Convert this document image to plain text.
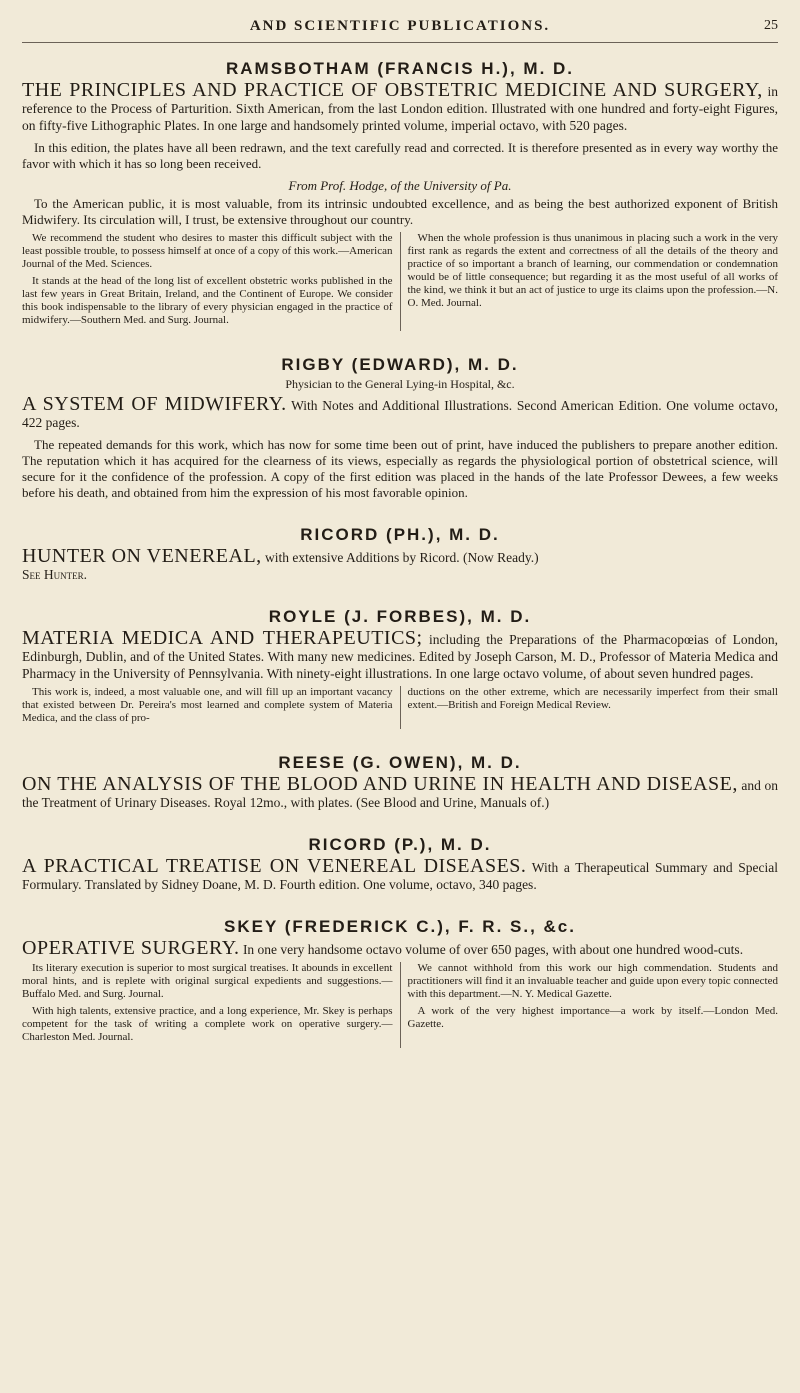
AND SCIENTIFIC PUBLICATIONS.	25
RAMSBOTHAM (FRANCIS H.), M. D.

THE PRINCIPLES AND PRACTICE OF OBSTETRIC MEDICINE AND SURGERY, in reference to the Process of Parturition. Sixth American, from the last London edition. Illustrated with one hundred and forty-eight Figures, on fifty-five Lithographic Plates. In one large and handsomely printed volume, imperial octavo, with 520 pages.

In this edition, the plates have all been redrawn, and the text carefully read and corrected. It is therefore presented as in every way worthy the favor with which it has so long been received.

From Prof. Hodge, of the University of Pa.

To the American public, it is most valuable, from its intrinsic undoubted excellence, and as being the best authorized exponent of British Midwifery. Its circulation will, I trust, be extensive throughout our country.

We recommend the student who desires to master this difficult subject with the least possible trouble, to possess himself at once of a copy of this work.—American Journal of the Med. Sciences.

It stands at the head of the long list of excellent obstetric works published in the last few years in Great Britain, Ireland, and the Continent of Europe. We consider this book indispensable to the library of every physician engaged in the practice of midwifery.—Southern Med. and Surg. Journal.

When the whole profession is thus unanimous in placing such a work in the very first rank as regards the extent and correctness of all the details of the theory and practice of so important a branch of learning, our commendation or condemnation would be of little consequence; but regarding it as the most useful of all works of the kind, we think it but an act of justice to urge its claims upon the profession.—N. O. Med. Journal.

RIGBY (EDWARD), M. D.
Physician to the General Lying-in Hospital, &c.

A SYSTEM OF MIDWIFERY. With Notes and Additional Illustrations. Second American Edition. One volume octavo, 422 pages.

The repeated demands for this work, which has now for some time been out of print, have induced the publishers to prepare another edition. The reputation which it has acquired for the clearness of its views, especially as regards the physiological portion of obstetrical science, will secure for it the confidence of the profession. A copy of the first edition was placed in the hands of the late Professor Dewees, a few weeks before his death, and obtained from him the expression of his most favorable opinion.

RICORD (PH.), M. D.

HUNTER ON VENEREAL, with extensive Additions by Ricord. (Now Ready.)

See Hunter.

ROYLE (J. FORBES), M. D.

MATERIA MEDICA AND THERAPEUTICS; including the Preparations of the Pharmacopœias of London, Edinburgh, Dublin, and of the United States. With many new medicines. Edited by Joseph Carson, M. D., Professor of Materia Medica and Pharmacy in the University of Pennsylvania. With ninety-eight illustrations. In one large octavo volume, of about seven hundred pages.

This work is, indeed, a most valuable one, and will fill up an important vacancy that existed between Dr. Pereira's most learned and complete system of Materia Medica, and the class of pro-

ductions on the other extreme, which are necessarily imperfect from their small extent.—British and Foreign Medical Review.

REESE (G. OWEN), M. D.

ON THE ANALYSIS OF THE BLOOD AND URINE IN HEALTH AND DISEASE, and on the Treatment of Urinary Diseases. Royal 12mo., with plates. (See Blood and Urine, Manuals of.)

RICORD (P.), M. D.

A PRACTICAL TREATISE ON VENEREAL DISEASES. With a Therapeutical Summary and Special Formulary. Translated by Sidney Doane, M. D. Fourth edition. One volume, octavo, 340 pages.

SKEY (FREDERICK C.), F. R. S., &c.

OPERATIVE SURGERY. In one very handsome octavo volume of over 650 pages, with about one hundred wood-cuts.

Its literary execution is superior to most surgical treatises. It abounds in excellent moral hints, and is replete with original surgical expedients and suggestions.—Buffalo Med. and Surg. Journal.

With high talents, extensive practice, and a long experience, Mr. Skey is perhaps competent for the task of writing a complete work on operative surgery.—Charleston Med. Journal.

We cannot withhold from this work our high commendation. Students and practitioners will find it an invaluable teacher and guide upon every topic connected with this department.—N. Y. Medical Gazette.

A work of the very highest importance—a work by itself.—London Med. Gazette.
